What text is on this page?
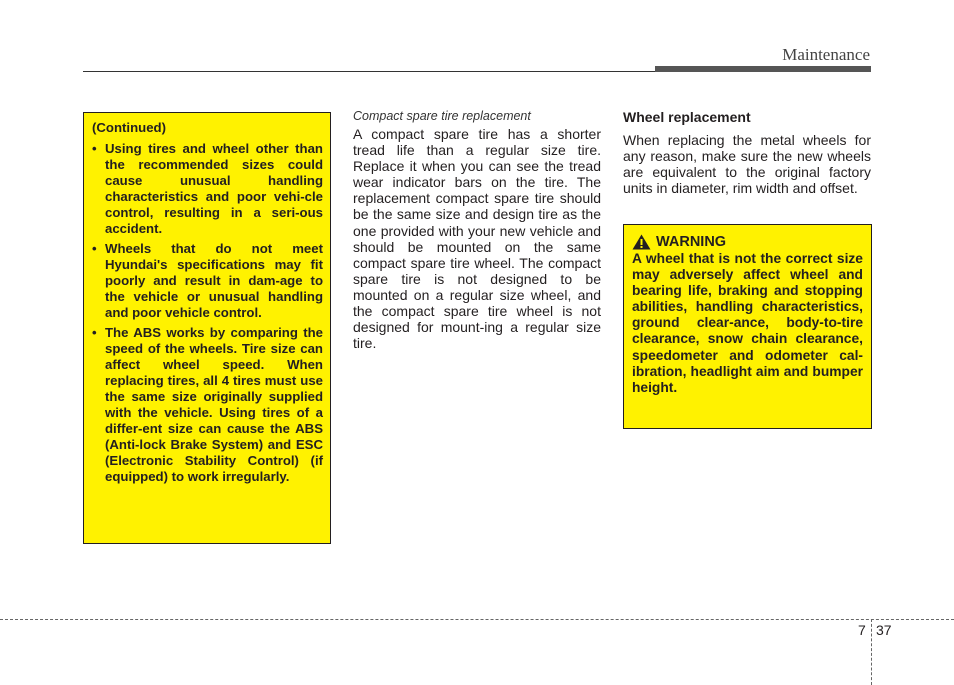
Maintenance
(Continued)
• Using tires and wheel other than the recommended sizes could cause unusual handling characteristics and poor vehi-cle control, resulting in a seri-ous accident.
• Wheels that do not meet Hyundai's specifications may fit poorly and result in dam-age to the vehicle or unusual handling and poor vehicle control.
• The ABS works by comparing the speed of the wheels. Tire size can affect wheel speed. When replacing tires, all 4 tires must use the same size originally supplied with the vehicle. Using tires of a differ-ent size can cause the ABS (Anti-lock Brake System) and ESC (Electronic Stability Control) (if equipped) to work irregularly.
Compact spare tire replacement

A compact spare tire has a shorter tread life than a regular size tire. Replace it when you can see the tread wear indicator bars on the tire. The replacement compact spare tire should be the same size and design tire as the one provided with your new vehicle and should be mounted on the same compact spare tire wheel. The compact spare tire is not designed to be mounted on a regular size wheel, and the compact spare tire wheel is not designed for mount-ing a regular size tire.

Wheel replacement

When replacing the metal wheels for any reason, make sure the new wheels are equivalent to the original factory units in diameter, rim width and offset.

WARNING

A wheel that is not the correct size may adversely affect wheel and bearing life, braking and stopping abilities, handling characteristics, ground clear-ance, body-to-tire clearance, snow chain clearance, speedometer and odometer cal-ibration, headlight aim and bumper height.

7 37
